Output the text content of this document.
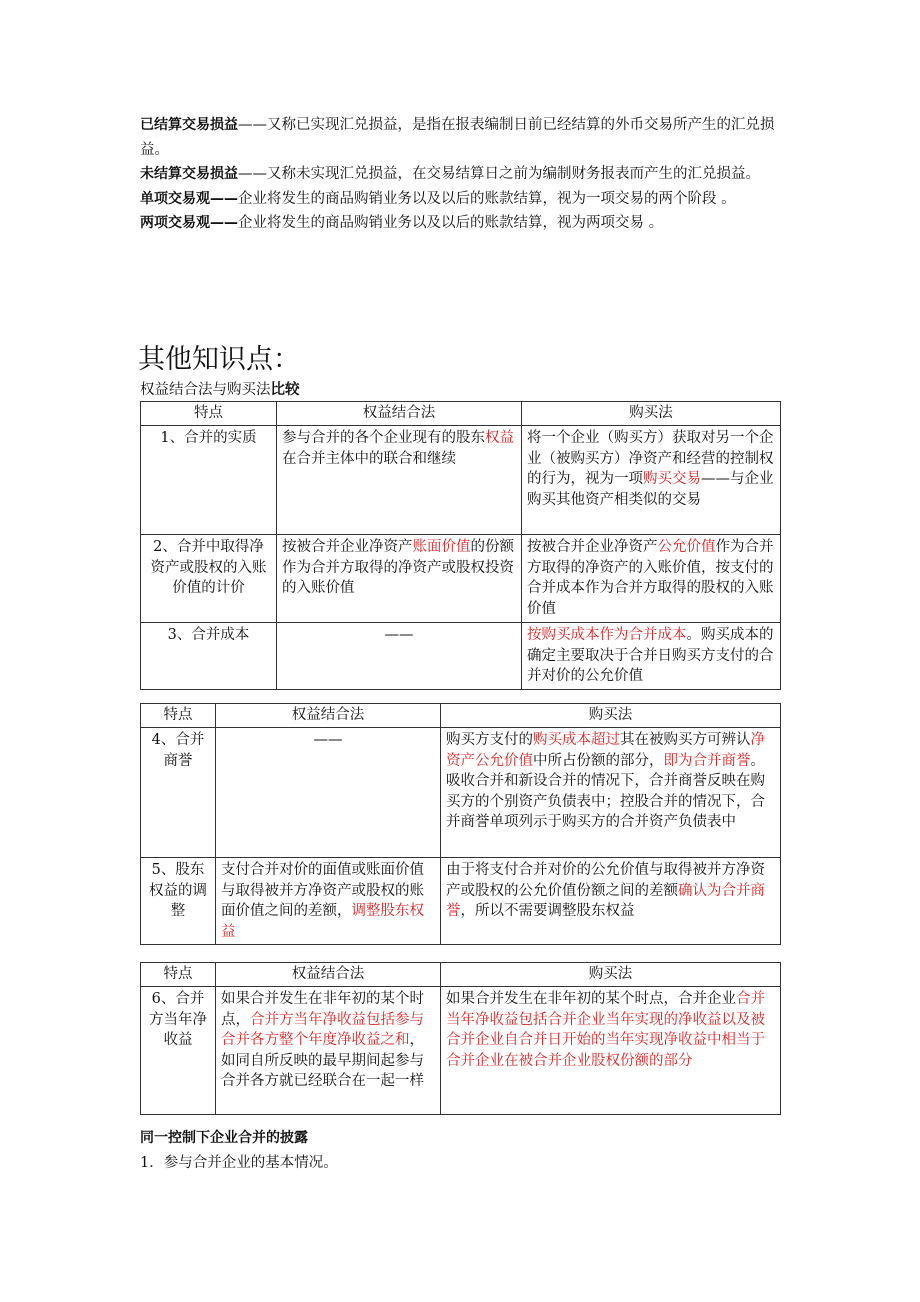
已结算交易损益——又称已实现汇兑损益，是指在报表编制日前已经结算的外币交易所产生的汇兑损益。

未结算交易损益——又称未实现汇兑损益，在交易结算日之前为编制财务报表而产生的汇兑损益。

单项交易观——企业将发生的商品购销业务以及以后的账款结算，视为一项交易的两个阶段 。

两项交易观——企业将发生的商品购销业务以及以后的账款结算，视为两项交易 。

其他知识点：
权益结合法与购买法比较
特点	权益结合法	购买法
1、合并的实质	参与合并的各个企业现有的股东权益在合并主体中的联合和继续	将一个企业（购买方）获取对另一个企业（被购买方）净资产和经营的控制权的行为，视为一项购买交易——与企业购买其他资产相类似的交易
2、合并中取得净资产或股权的入账价值的计价	按被合并企业净资产账面价值的份额作为合并方取得的净资产或股权投资的入账价值	按被合并企业净资产公允价值作为合并方取得的净资产的入账价值，按支付的合并成本作为合并方取得的股权的入账价值
3、合并成本	——	按购买成本作为合并成本。购买成本的确定主要取决于合并日购买方支付的合并对价的公允价值
特点	权益结合法	购买法
4、合并商誉	——	购买方支付的购买成本超过其在被购买方可辨认净资产公允价值中所占份额的部分，即为合并商誉。吸收合并和新设合并的情况下，合并商誉反映在购买方的个别资产负债表中；控股合并的情况下，合并商誉单项列示于购买方的合并资产负债表中
5、股东权益的调整	支付合并对价的面值或账面价值与取得被并方净资产或股权的账面价值之间的差额，调整股东权益	由于将支付合并对价的公允价值与取得被并方净资产或股权的公允价值份额之间的差额确认为合并商誉，所以不需要调整股东权益
特点	权益结合法	购买法
6、合并方当年净收益	如果合并发生在非年初的某个时点，合并方当年净收益包括参与合并各方整个年度净收益之和，如同自所反映的最早期间起参与合并各方就已经联合在一起一样	如果合并发生在非年初的某个时点，合并企业合并当年净收益包括合并企业当年实现的净收益以及被合并企业自合并日开始的当年实现净收益中相当于合并企业在被合并企业股权份额的部分
同一控制下企业合并的披露
1．参与合并企业的基本情况。
